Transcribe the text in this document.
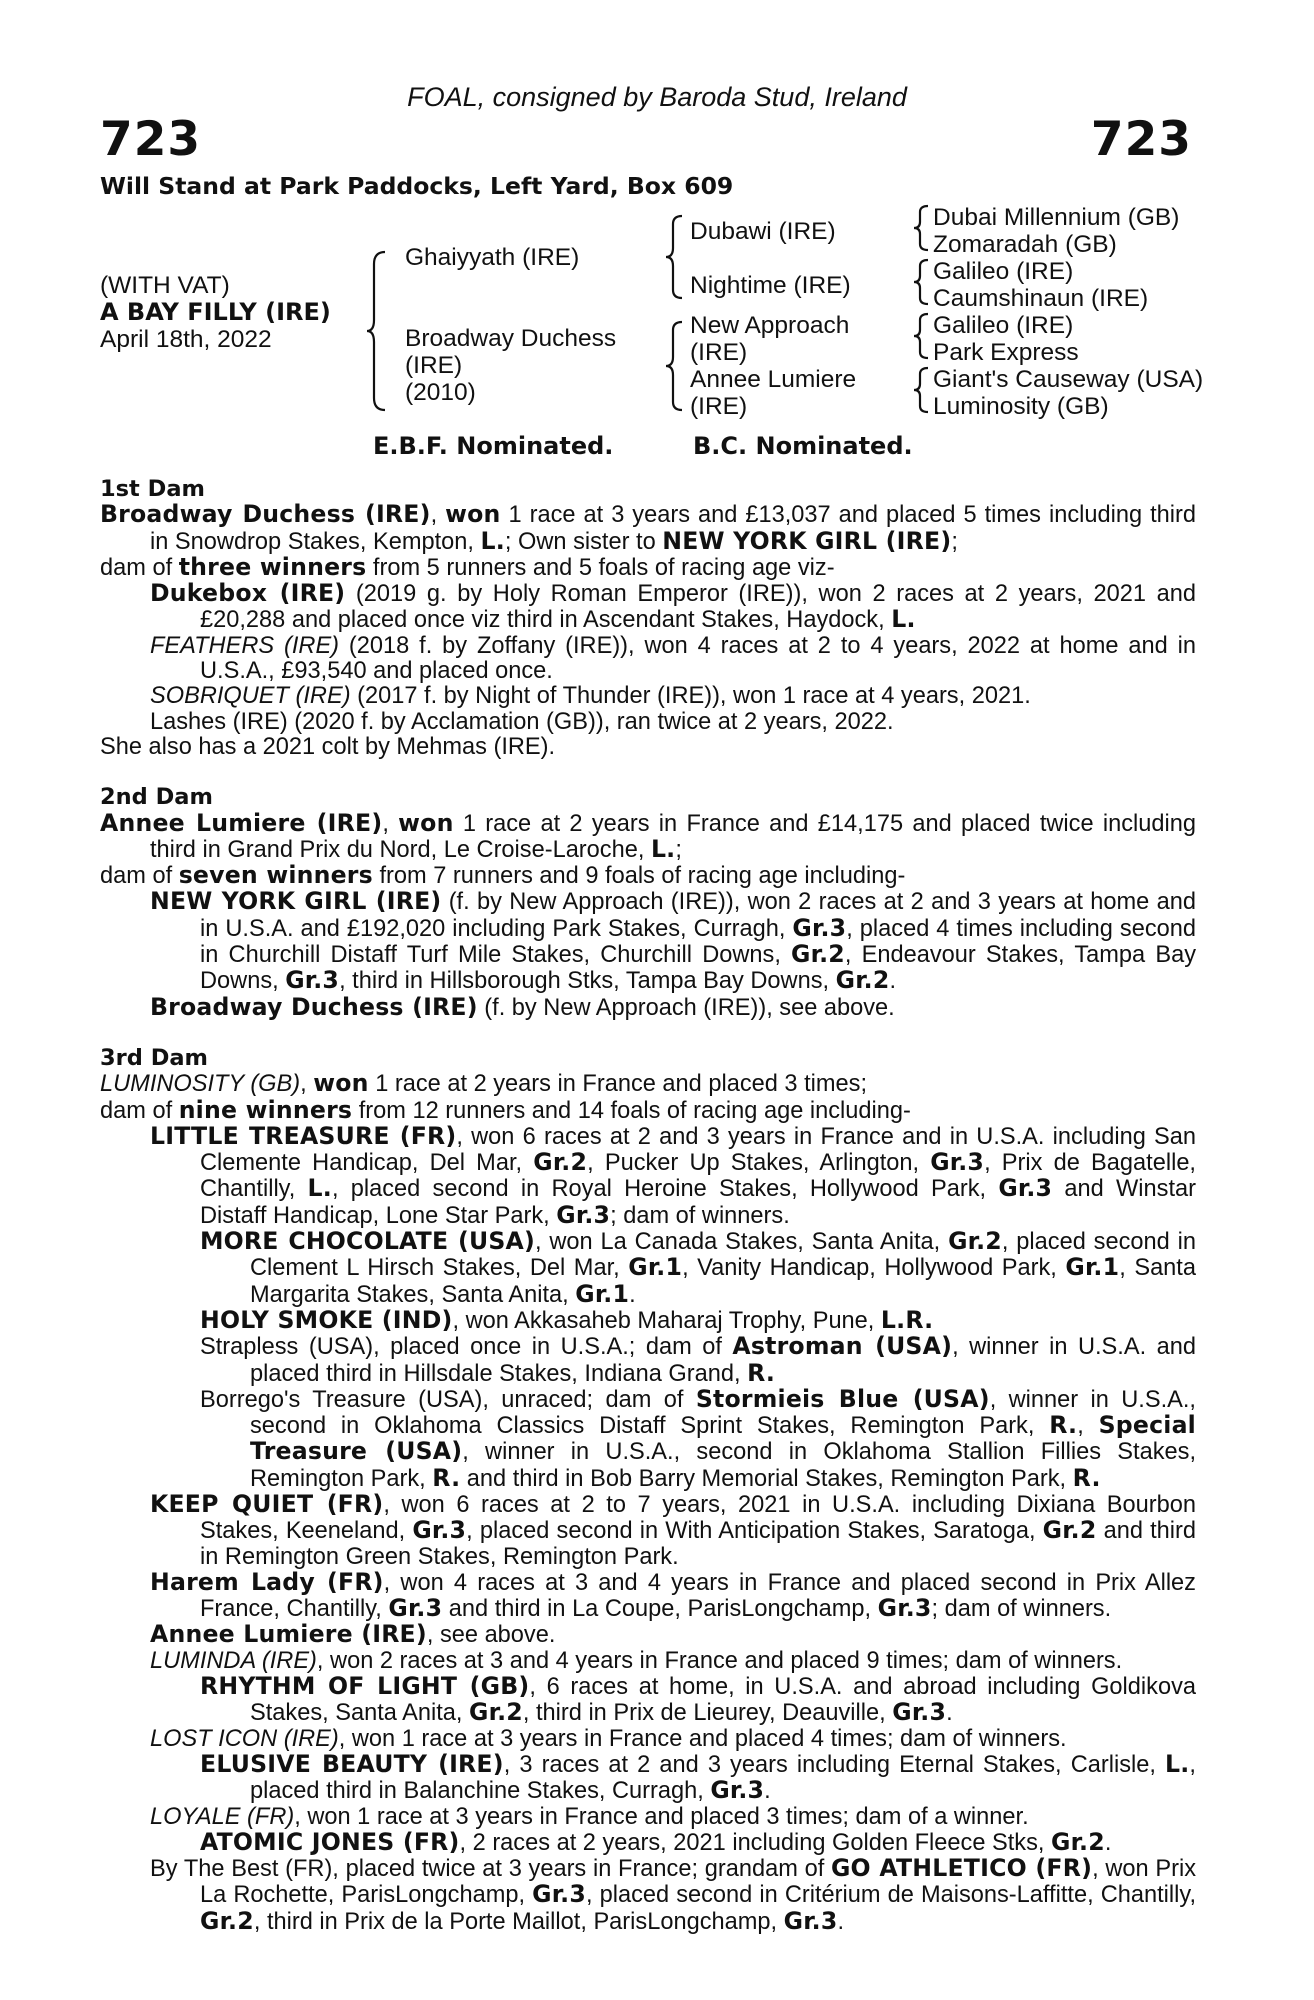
FOAL, consigned by Baroda Stud, Ireland
723	723
Will Stand at Park Paddocks, Left Yard, Box 609
(WITH VAT)
A BAY FILLY (IRE)
April 18th, 2022
Ghaiyyath (IRE)
Broadway Duchess
(IRE)
(2010)
Dubawi (IRE)
Nightime (IRE)
New Approach
(IRE)
Annee Lumiere
(IRE)
Dubai Millennium (GB)
Zomaradah (GB)
Galileo (IRE)
Caumshinaun (IRE)
Galileo (IRE)
Park Express
Giant's Causeway (USA)
Luminosity (GB)
E.B.F. Nominated.	B.C. Nominated.
1st Dam
Broadway Duchess (IRE), won 1 race at 3 years and £13,037 and placed 5 times including third in Snowdrop Stakes, Kempton, L.; Own sister to NEW YORK GIRL (IRE);
dam of three winners from 5 runners and 5 foals of racing age viz-
Dukebox (IRE) (2019 g. by Holy Roman Emperor (IRE)), won 2 races at 2 years, 2021 and £20,288 and placed once viz third in Ascendant Stakes, Haydock, L.
FEATHERS (IRE) (2018 f. by Zoffany (IRE)), won 4 races at 2 to 4 years, 2022 at home and in U.S.A., £93,540 and placed once.
SOBRIQUET (IRE) (2017 f. by Night of Thunder (IRE)), won 1 race at 4 years, 2021.
Lashes (IRE) (2020 f. by Acclamation (GB)), ran twice at 2 years, 2022.
She also has a 2021 colt by Mehmas (IRE).
2nd Dam
Annee Lumiere (IRE), won 1 race at 2 years in France and £14,175 and placed twice including third in Grand Prix du Nord, Le Croise-Laroche, L.;
dam of seven winners from 7 runners and 9 foals of racing age including-
NEW YORK GIRL (IRE) (f. by New Approach (IRE)), won 2 races at 2 and 3 years at home and in U.S.A. and £192,020 including Park Stakes, Curragh, Gr.3, placed 4 times including second in Churchill Distaff Turf Mile Stakes, Churchill Downs, Gr.2, Endeavour Stakes, Tampa Bay Downs, Gr.3, third in Hillsborough Stks, Tampa Bay Downs, Gr.2.
Broadway Duchess (IRE) (f. by New Approach (IRE)), see above.
3rd Dam
LUMINOSITY (GB), won 1 race at 2 years in France and placed 3 times;
dam of nine winners from 12 runners and 14 foals of racing age including-
LITTLE TREASURE (FR), won 6 races at 2 and 3 years in France and in U.S.A. including San Clemente Handicap, Del Mar, Gr.2, Pucker Up Stakes, Arlington, Gr.3, Prix de Bagatelle, Chantilly, L., placed second in Royal Heroine Stakes, Hollywood Park, Gr.3 and Winstar Distaff Handicap, Lone Star Park, Gr.3; dam of winners.
MORE CHOCOLATE (USA), won La Canada Stakes, Santa Anita, Gr.2, placed second in Clement L Hirsch Stakes, Del Mar, Gr.1, Vanity Handicap, Hollywood Park, Gr.1, Santa Margarita Stakes, Santa Anita, Gr.1.
HOLY SMOKE (IND), won Akkasaheb Maharaj Trophy, Pune, L.R.
Strapless (USA), placed once in U.S.A.; dam of Astroman (USA), winner in U.S.A. and placed third in Hillsdale Stakes, Indiana Grand, R.
Borrego's Treasure (USA), unraced; dam of Stormieis Blue (USA), winner in U.S.A., second in Oklahoma Classics Distaff Sprint Stakes, Remington Park, R., Special Treasure (USA), winner in U.S.A., second in Oklahoma Stallion Fillies Stakes, Remington Park, R. and third in Bob Barry Memorial Stakes, Remington Park, R.
KEEP QUIET (FR), won 6 races at 2 to 7 years, 2021 in U.S.A. including Dixiana Bourbon Stakes, Keeneland, Gr.3, placed second in With Anticipation Stakes, Saratoga, Gr.2 and third in Remington Green Stakes, Remington Park.
Harem Lady (FR), won 4 races at 3 and 4 years in France and placed second in Prix Allez France, Chantilly, Gr.3 and third in La Coupe, ParisLongchamp, Gr.3; dam of winners.
Annee Lumiere (IRE), see above.
LUMINDA (IRE), won 2 races at 3 and 4 years in France and placed 9 times; dam of winners.
RHYTHM OF LIGHT (GB), 6 races at home, in U.S.A. and abroad including Goldikova Stakes, Santa Anita, Gr.2, third in Prix de Lieurey, Deauville, Gr.3.
LOST ICON (IRE), won 1 race at 3 years in France and placed 4 times; dam of winners.
ELUSIVE BEAUTY (IRE), 3 races at 2 and 3 years including Eternal Stakes, Carlisle, L., placed third in Balanchine Stakes, Curragh, Gr.3.
LOYALE (FR), won 1 race at 3 years in France and placed 3 times; dam of a winner.
ATOMIC JONES (FR), 2 races at 2 years, 2021 including Golden Fleece Stks, Gr.2.
By The Best (FR), placed twice at 3 years in France; grandam of GO ATHLETICO (FR), won Prix La Rochette, ParisLongchamp, Gr.3, placed second in Critérium de Maisons-Laffitte, Chantilly, Gr.2, third in Prix de la Porte Maillot, ParisLongchamp, Gr.3.
